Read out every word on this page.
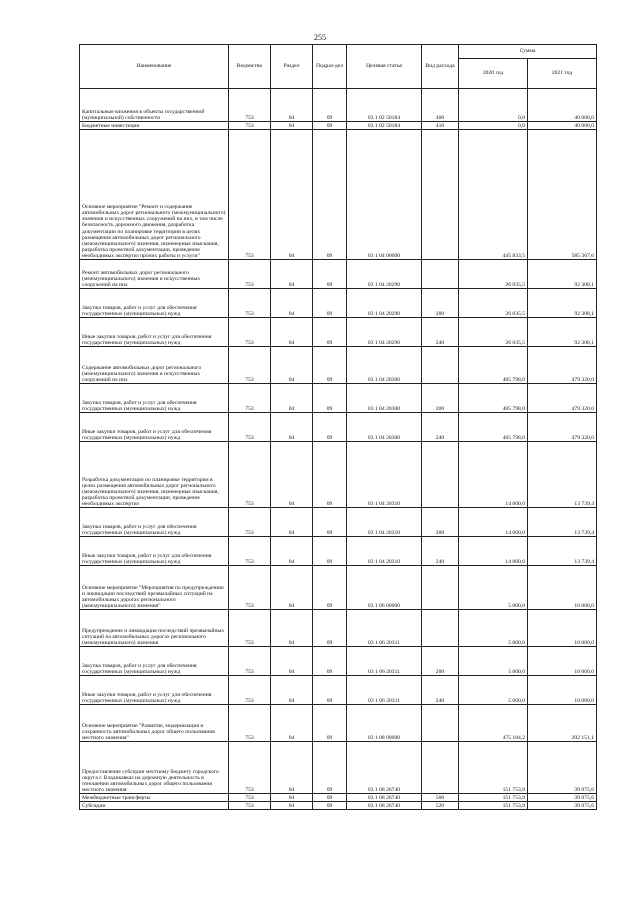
255
Наименование	Ведомство	Раздел	Подраз-дел	Целевая статья	Вид расхода	Сумма	
						2020 год	2021 год
Капитальные вложения в объекты государственной (муниципальной) собственности	753	04	09	03 1 02 50184	400	0,0	40 000,0
Бюджетные инвестиции	753	04	09	03 1 02 50184	410	0,0	40 000,0
Основное мероприятие "Ремонт и содержание автомобильных дорог регионального (межмуниципального) значения и искусственных сооружений на них, в том числе безопасность дорожного движения, разработка документации по планировке территории в целях размещения автомобильных дорог регионального (межмуниципального) значения, инженерные изыскания, разработка проектной документации, проведение необходимых экспертиз прочих работы и услуги"	753	04	09	03 1 04 00000		445 833,5	585 367,6
Ремонт автомобильных дорог регионального (межмуниципального) значения и искусственных сооружений на них	753	04	09	03 1 04 20290		26 035,5	92 308,1
Закупка товаров, работ и услуг для обеспечения государственных (муниципальных) нужд	753	04	09	03 1 04 20290	200	26 035,5	92 308,1
Иные закупки товаров, работ и услуг для обеспечения государственных (муниципальных) нужд	753	04	09	03 1 04 20290	240	26 035,5	92 308,1
Содержание автомобильных дорог регионального (межмуниципального) значения и искусственных сооружений на них	753	04	09	03 1 04 20300		405 798,0	479 320,0
Закупка товаров, работ и услуг для обеспечения государственных (муниципальных) нужд	753	04	09	03 1 04 20300	200	405 798,0	479 320,0
Иные закупки товаров, работ и услуг для обеспечения государственных (муниципальных) нужд	753	04	09	03 1 04 20300	240	405 798,0	479 320,0
Разработка документации по планировке территории в целях размещения автомобильных дорог регионального (межмуниципального) значения, инженерные изыскания, разработка проектной документации, проведение необходимых экспертиз	753	04	09	03 1 04 20310		14 000,0	13 739,4
Закупка товаров, работ и услуг для обеспечения государственных (муниципальных) нужд	753	04	09	03 1 04 20310	200	14 000,0	13 739,4
Иные закупки товаров, работ и услуг для обеспечения государственных (муниципальных) нужд	753	04	09	03 1 04 20310	240	14 000,0	13 739,4
Основное мероприятие "Мероприятия по предупреждению и ликвидации последствий чрезвычайных ситуаций на автомобильных дорогах регионального (межмуниципального) значения"	753	04	09	03 1 06 00000		5 000,0	10 000,0
Предупреждение и ликвидация последствий чрезвычайных ситуаций на автомобильных дорогах регионального (межмуниципального) значения	753	04	09	03 1 06 20311		5 000,0	10 000,0
Закупка товаров, работ и услуг для обеспечения государственных (муниципальных) нужд	753	04	09	03 1 06 20311	200	5 000,0	10 000,0
Иные закупки товаров, работ и услуг для обеспечения государственных (муниципальных) нужд	753	04	09	03 1 06 20311	240	5 000,0	10 000,0
Основное мероприятие "Развитие, модернизация и сохранность автомобильных дорог общего пользования местного значения"	753	04	09	03 1 08 00000		475 184,2	202 151,1
Предоставление субсидии местному бюджету городского округа г. Владикавказ на дорожную деятельность в отношении автомобильных дорог общего пользования местного значения	753	04	09	03 1 08 26740		151 753,8	39 075,6
Межбюджетные трансферты	753	04	09	03 1 08 26740	500	151 753,8	39 075,6
Субсидии	753	04	09	03 1 08 26740	520	151 753,8	39 075,6
